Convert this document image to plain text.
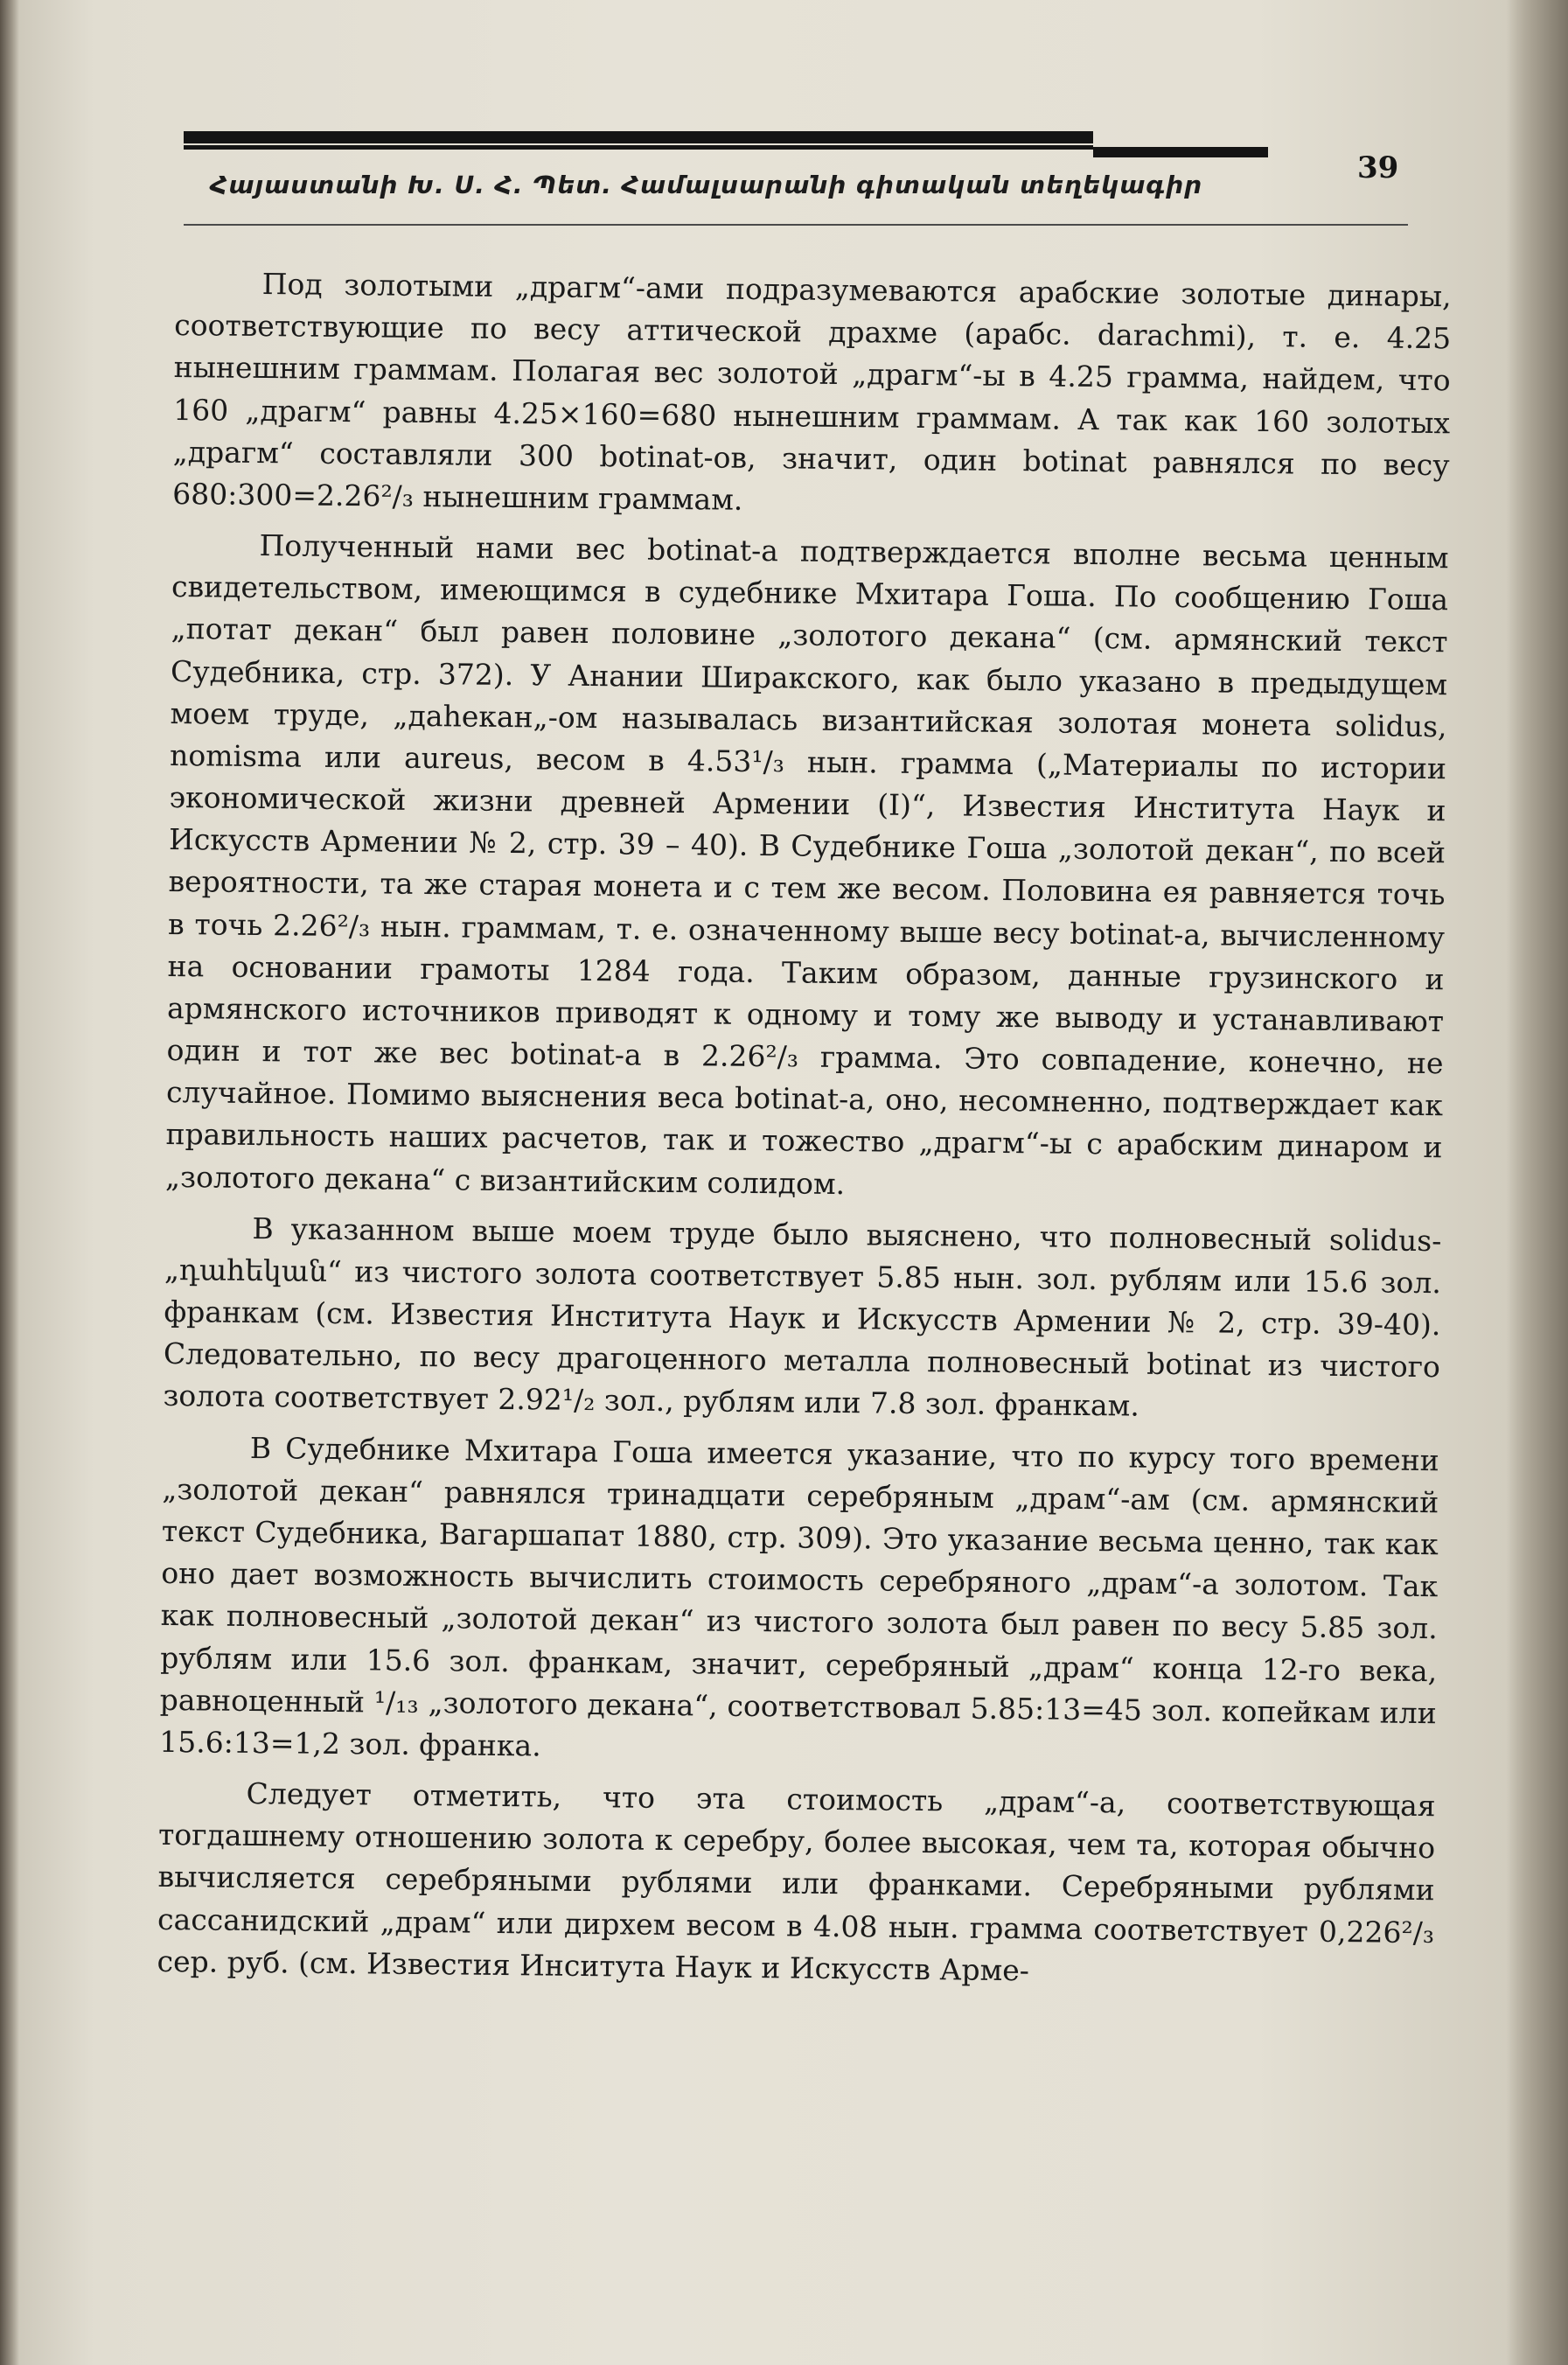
39
Հայաստանի Խ. Ս. Հ. Պետ. Համալսարանի գիտական տեղեկագիր

Под золотыми „драгм“-ами подразумеваются арабские золотые динары, соответствующие по весу аттической драхме (арабс. darachmi), т. е. 4.25 нынешним граммам. Полагая вес золотой „драгм“-ы в 4.25 грамма, найдем, что 160 „драгм“ равны 4.25×160=680 нынешним граммам. А так как 160 золотых „драгм“ составляли 300 botinat-ов, значит, один botinat равнялся по весу 680:300=2.26²/₃ нынешним граммам.

Полученный нами вес botinat-а подтверждается вполне весьма ценным свидетельством, имеющимся в судебнике Мхитара Гоша. По сообщению Гоша „потат декан“ был равен половине „золотого декана“ (см. армянский текст Судебника, стр. 372). У Анании Ширакского, как было указано в предыдущем моем труде, „даhекан„-ом называлась византийская золотая монета solidus, nomisma или aureus, весом в 4.53¹/₃ нын. грамма („Материалы по истории экономической жизни древней Армении (I)“, Известия Института Наук и Искусств Армении № 2, стр. 39 – 40). В Судебнике Гоша „золотой декан“, по всей вероятности, та же старая монета и с тем же весом. Половина ея равняется точь в точь 2.26²/₃ нын. граммам, т. е. означенному выше весу botinat-а, вычисленному на основании грамоты 1284 года. Таким образом, данные грузинского и армянского источников приводят к одному и тому же выводу и устанавливают один и тот же вес botinat-а в 2.26²/₃ грамма. Это совпадение, конечно, не случайное. Помимо выяснения веса botinat-а, оно, несомненно, подтверждает как правильность наших расчетов, так и тожество „драгм“-ы с арабским динаром и „золотого декана“ с византийским солидом.

В указанном выше моем труде было выяснено, что полновесный solidus-„դահեկան“ из чистого золота соответствует 5.85 нын. зол. рублям или 15.6 зол. франкам (см. Известия Института Наук и Искусств Армении № 2, стр. 39-40). Следовательно, по весу драгоценного металла полновесный botinat из чистого золота соответствует 2.92¹/₂ зол., рублям или 7.8 зол. франкам.

В Судебнике Мхитара Гоша имеется указание, что по курсу того времени „золотой декан“ равнялся тринадцати серебряным „драм“-ам (см. армянский текст Судебника, Вагаршапат 1880, стр. 309). Это указание весьма ценно, так как оно дает возможность вычислить стоимость серебряного „драм“-а золотом. Так как полновесный „золотой декан“ из чистого золота был равен по весу 5.85 зол. рублям или 15.6 зол. франкам, значит, серебряный „драм“ конца 12-го века, равноценный ¹/₁₃ „золотого декана“, соответствовал 5.85:13=45 зол. копейкам или 15.6:13=1,2 зол. франка.

Следует отметить, что эта стоимость „драм“-а, соответствующая тогдашнему отношению золота к серебру, более высокая, чем та, которая обычно вычисляется серебряными рублями или франками. Серебряными рублями сассанидский „драм“ или дирхем весом в 4.08 нын. грамма соответствует 0,226²/₃ сер. руб. (см. Известия Инситута Наук и Искусств Арме-
